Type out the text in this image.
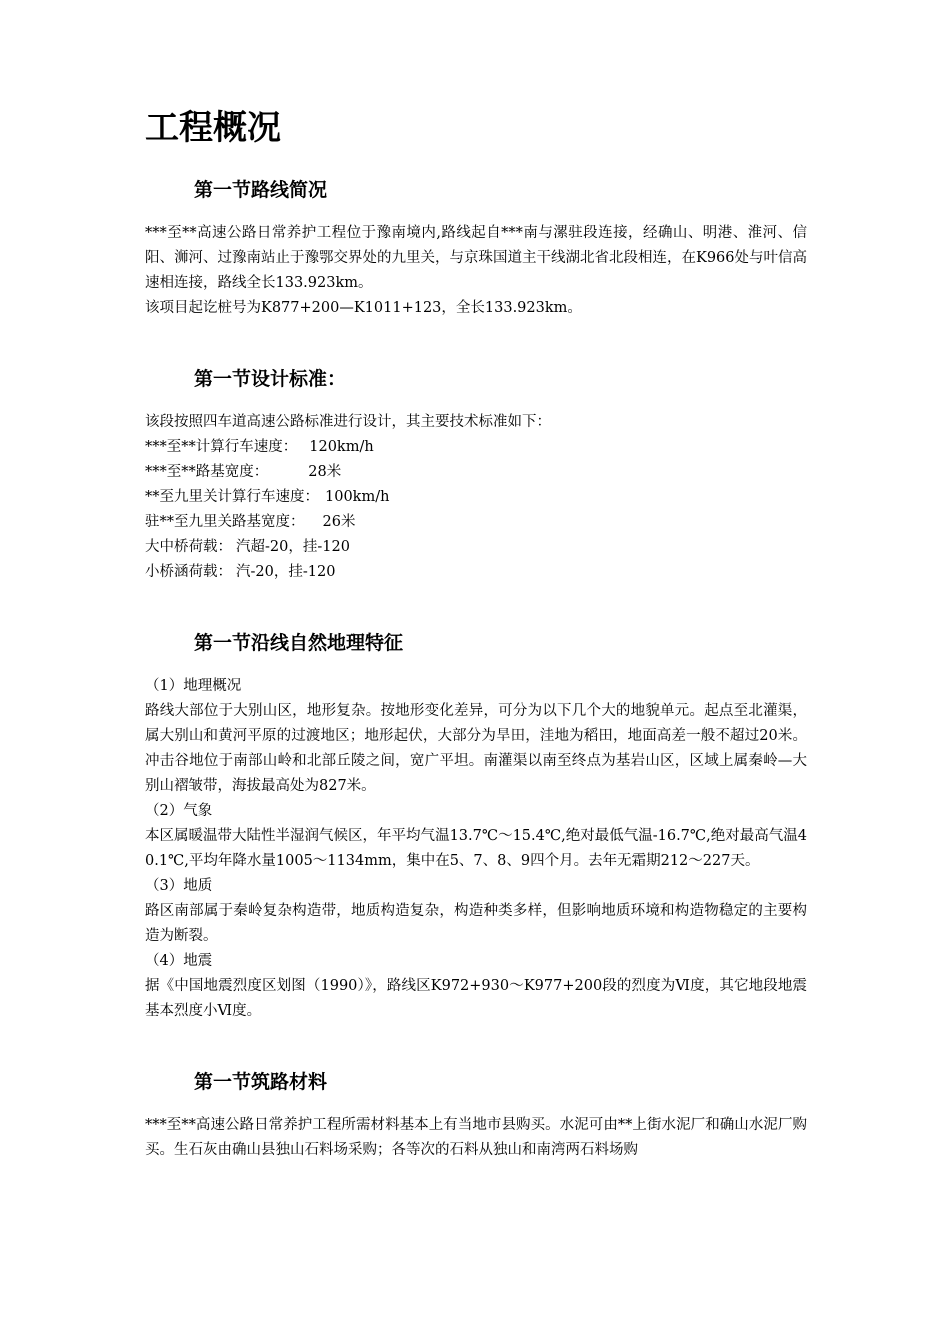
工程概况
第一节路线简况

***至**高速公路日常养护工程位于豫南境内,路线起自***南与漯驻段连接，经确山、明港、淮河、信阳、浉河、过豫南站止于豫鄂交界处的九里关，与京珠国道主干线湖北省北段相连，在K966处与叶信高速相连接，路线全长133.923km。

该项目起讫桩号为K877+200—K1011+123，全长133.923km。

第一节设计标准：

该段按照四车道高速公路标准进行设计，其主要技术标准如下：

***至**计算行车速度： 120km/h

***至**路基宽度：	28米

**至九里关计算行车速度： 100km/h

驻**至九里关路基宽度： 26米

大中桥荷载： 汽超-20，挂-120

小桥涵荷载： 汽-20，挂-120

第一节沿线自然地理特征

（1）地理概况

路线大部位于大别山区，地形复杂。按地形变化差异，可分为以下几个大的地貌单元。起点至北灌渠，属大别山和黄河平原的过渡地区；地形起伏，大部分为旱田，洼地为稻田，地面高差一般不超过20米。冲击谷地位于南部山岭和北部丘陵之间，宽广平坦。南灌渠以南至终点为基岩山区，区域上属秦岭—大别山褶皱带，海拔最高处为827米。

（2）气象

本区属暖温带大陆性半湿润气候区，年平均气温13.7℃～15.4℃,绝对最低气温-16.7℃,绝对最高气温40.1℃,平均年降水量1005～1134mm，集中在5、7、8、9四个月。去年无霜期212～227天。

（3）地质

路区南部属于秦岭复杂构造带，地质构造复杂，构造种类多样，但影响地质环境和构造物稳定的主要构造为断裂。

（4）地震

据《中国地震烈度区划图（1990）》，路线区K972+930～K977+200段的烈度为Ⅵ度，其它地段地震基本烈度小Ⅵ度。

第一节筑路材料

***至**高速公路日常养护工程所需材料基本上有当地市县购买。水泥可由**上街水泥厂和确山水泥厂购买。生石灰由确山县独山石料场采购；各等次的石料从独山和南湾两石料场购
